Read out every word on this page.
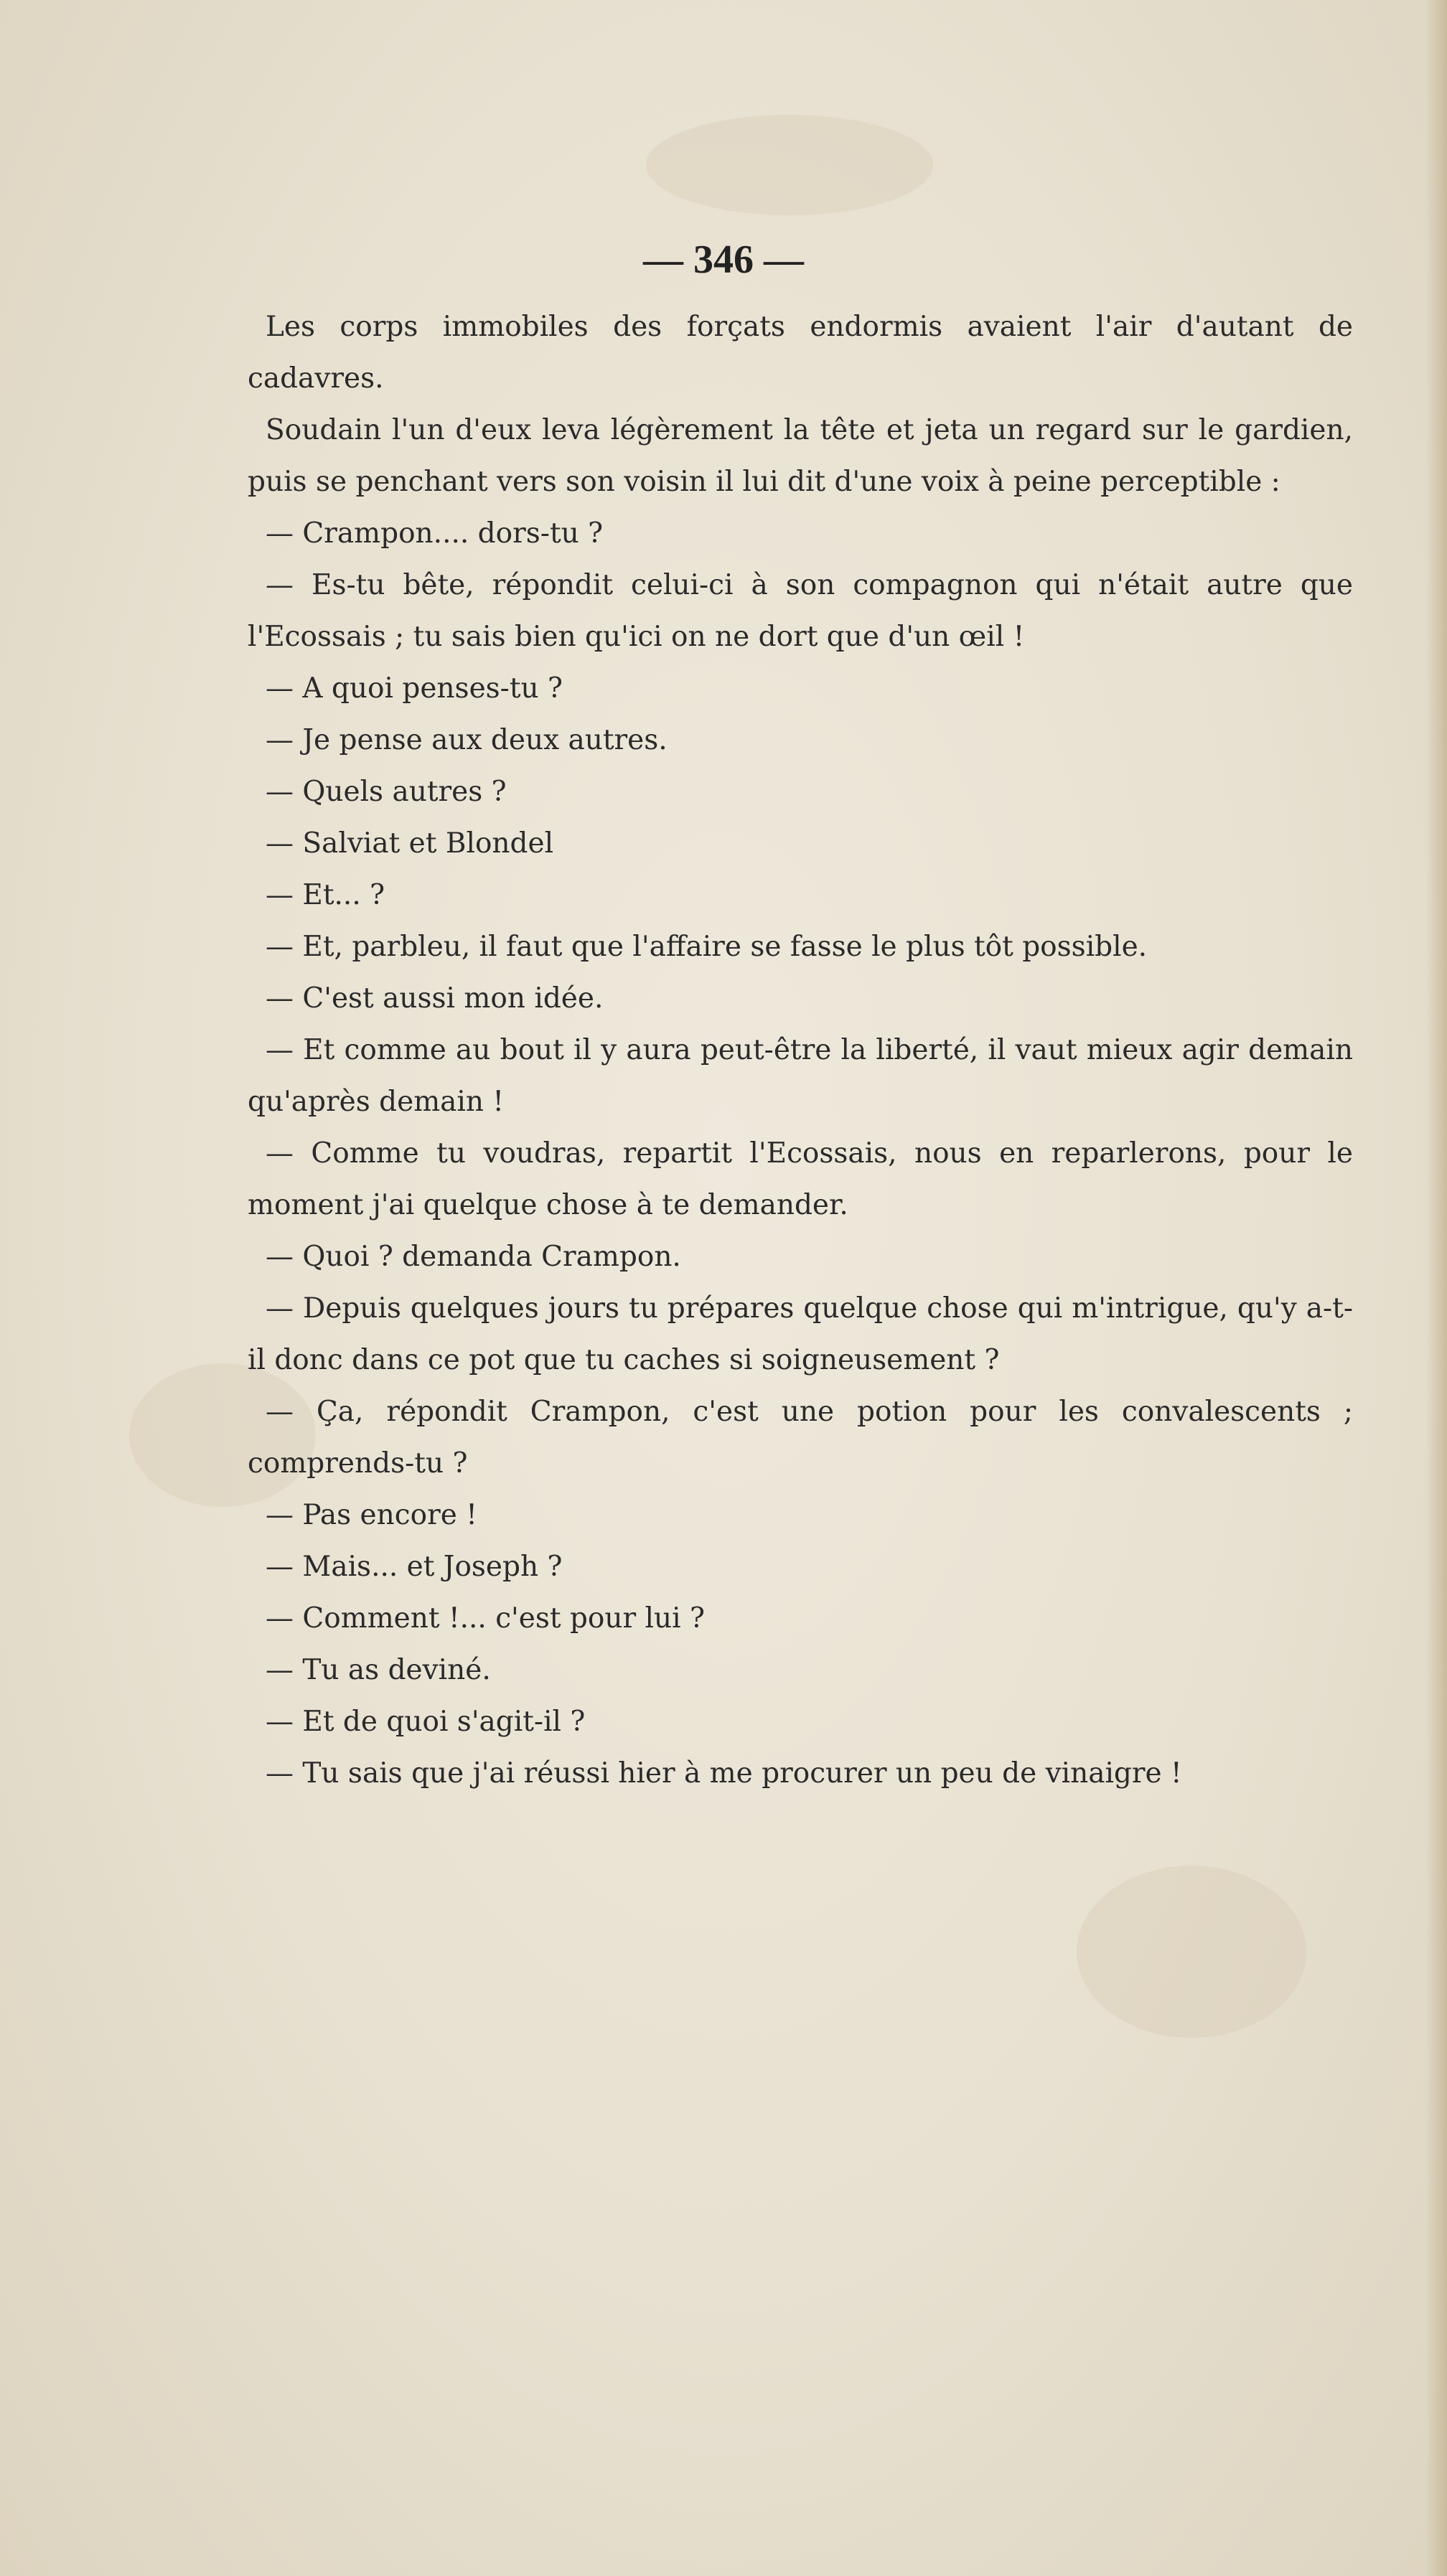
— 346 —

Les corps immobiles des forçats endormis avaient l'air d'autant de cadavres.

Soudain l'un d'eux leva légèrement la tête et jeta un regard sur le gardien, puis se penchant vers son voisin il lui dit d'une voix à peine perceptible :

— Crampon.... dors-tu ?

— Es-tu bête, répondit celui-ci à son compagnon qui n'était autre que l'Ecossais ; tu sais bien qu'ici on ne dort que d'un œil !

— A quoi penses-tu ?

— Je pense aux deux autres.

— Quels autres ?

— Salviat et Blondel

— Et... ?

— Et, parbleu, il faut que l'affaire se fasse le plus tôt possible.

— C'est aussi mon idée.

— Et comme au bout il y aura peut-être la liberté, il vaut mieux agir demain qu'après demain !

— Comme tu voudras, repartit l'Ecossais, nous en reparlerons, pour le moment j'ai quelque chose à te demander.

— Quoi ? demanda Crampon.

— Depuis quelques jours tu prépares quelque chose qui m'intrigue, qu'y a-t-il donc dans ce pot que tu caches si soigneusement ?

— Ça, répondit Crampon, c'est une potion pour les convalescents ; comprends-tu ?

— Pas encore !

— Mais... et Joseph ?

— Comment !... c'est pour lui ?

— Tu as deviné.

— Et de quoi s'agit-il ?

— Tu sais que j'ai réussi hier à me procurer un peu de vinaigre !
